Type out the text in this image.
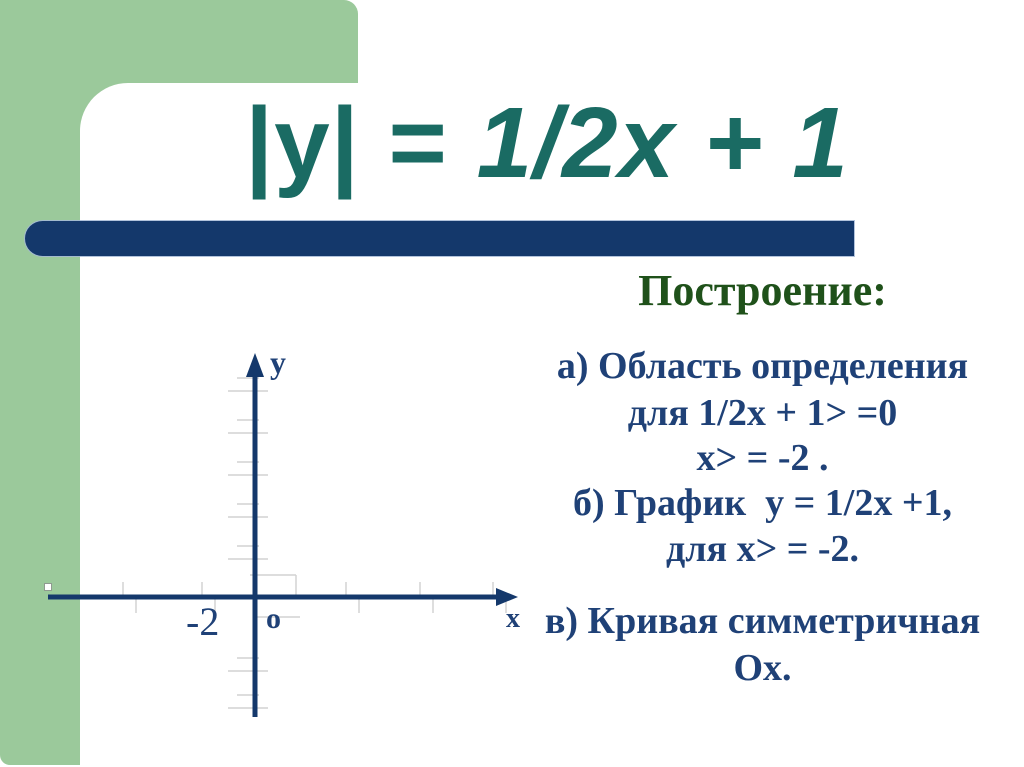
|y| = 1/2x + 1
Построение:
а) Область определения
для 1/2х + 1> =0
х> = -2 .
б) График  у = 1/2х +1,
для х> = -2.
в) Кривая симметричная
Ох.
y
x
o
-2
